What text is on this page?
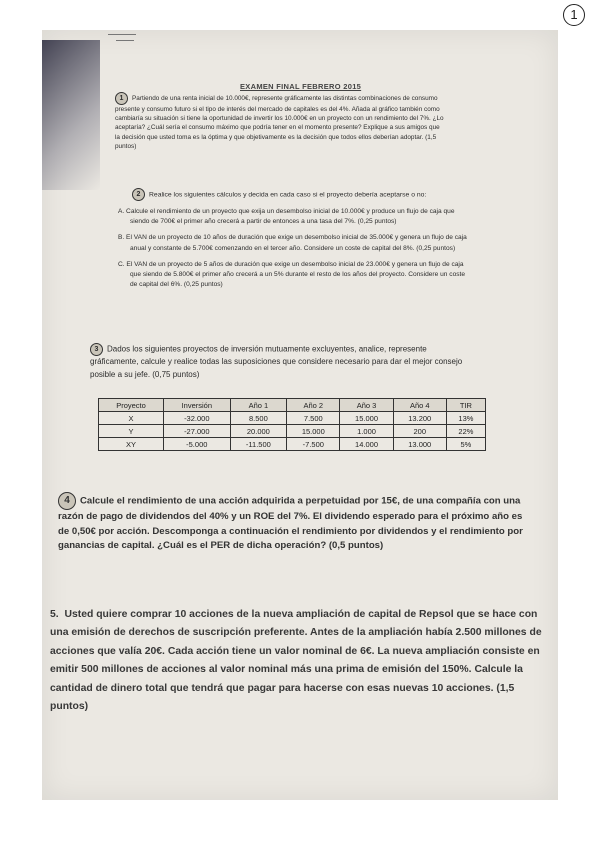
1
EXAMEN FINAL FEBRERO 2015
1 Partiendo de una renta inicial de 10.000€, represente gráficamente las distintas combinaciones de consumo presente y consumo futuro si el tipo de interés del mercado de capitales es del 4%. Añada al gráfico también como cambiaría su situación si tiene la oportunidad de invertir los 10.000€ en un proyecto con un rendimiento del 7%. ¿Lo aceptaría? ¿Cuál sería el consumo máximo que podría tener en el momento presente? Explique a sus amigos que la decisión que usted toma es la óptima y que objetivamente es la decisión que todos ellos deberían adoptar. (1,5 puntos)
2 Realice los siguientes cálculos y decida en cada caso si el proyecto debería aceptarse o no:
A. Calcule el rendimiento de un proyecto que exija un desembolso inicial de 10.000€ y produce un flujo de caja que siendo de 700€ el primer año crecerá a partir de entonces a una tasa del 7%. (0,25 puntos)
B. El VAN de un proyecto de 10 años de duración que exige un desembolso inicial de 35.000€ y genera un flujo de caja anual y constante de 5.700€ comenzando en el tercer año. Considere un coste de capital del 8%. (0,25 puntos)
C. El VAN de un proyecto de 5 años de duración que exige un desembolso inicial de 23.000€ y genera un flujo de caja que siendo de 5.800€ el primer año crecerá a un 5% durante el resto de los años del proyecto. Considere un coste de capital del 6%. (0,25 puntos)
3 Dados los siguientes proyectos de inversión mutuamente excluyentes, analice, represente gráficamente, calcule y realice todas las suposiciones que considere necesario para dar el mejor consejo posible a su jefe. (0,75 puntos)
Proyecto	Inversión	Año 1	Año 2	Año 3	Año 4	TIR
X	-32.000	8.500	7.500	15.000	13.200	13%
Y	-27.000	20.000	15.000	1.000	200	22%
XY	-5.000	-11.500	-7.500	14.000	13.000	5%
4 Calcule el rendimiento de una acción adquirida a perpetuidad por 15€, de una compañía con una razón de pago de dividendos del 40% y un ROE del 7%. El dividendo esperado para el próximo año es de 0,50€ por acción. Descomponga a continuación el rendimiento por dividendos y el rendimiento por ganancias de capital. ¿Cuál es el PER de dicha operación? (0,5 puntos)
5. Usted quiere comprar 10 acciones de la nueva ampliación de capital de Repsol que se hace con una emisión de derechos de suscripción preferente. Antes de la ampliación había 2.500 millones de acciones que valía 20€. Cada acción tiene un valor nominal de 6€. La nueva ampliación consiste en emitir 500 millones de acciones al valor nominal más una prima de emisión del 150%. Calcule la cantidad de dinero total que tendrá que pagar para hacerse con esas nuevas 10 acciones. (1,5 puntos)
